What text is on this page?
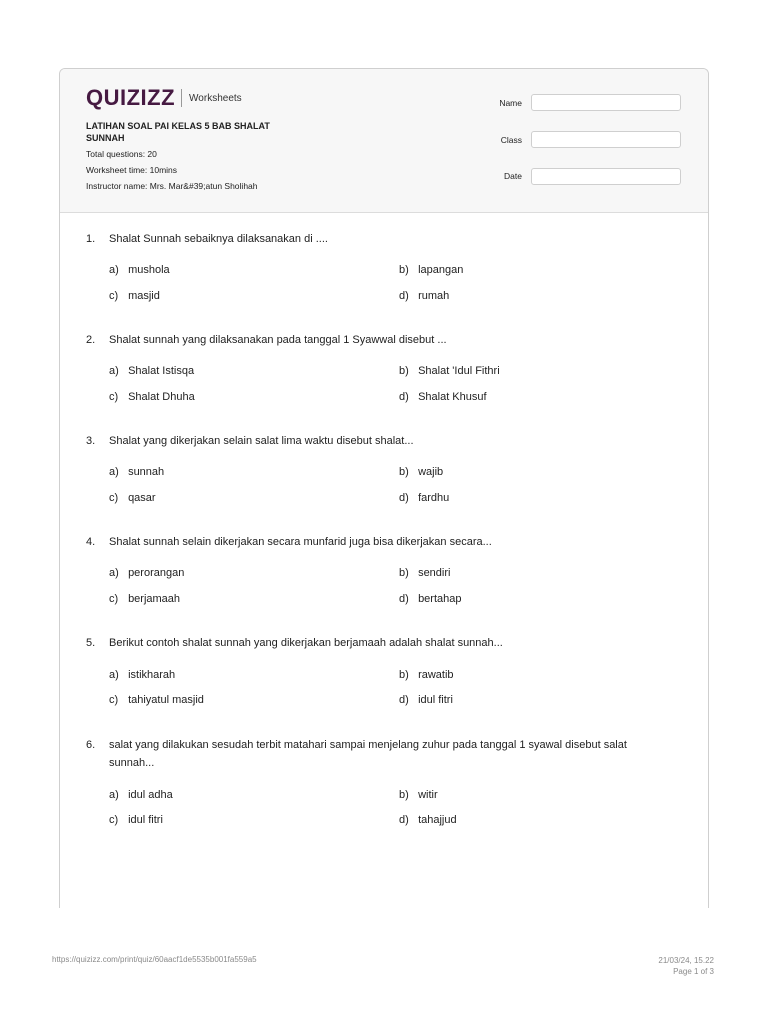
QUIZIZZ Worksheets
LATIHAN SOAL PAI KELAS 5 BAB SHALAT SUNNAH
Total questions: 20
Worksheet time: 10mins
Instructor name: Mrs. Mar&#39;atun Sholihah
Name
Class
Date
1. Shalat Sunnah sebaiknya dilaksanakan di ....
a) mushola	b) lapangan
c) masjid	d) rumah
2. Shalat sunnah yang dilaksanakan pada tanggal 1 Syawwal disebut ...
a) Shalat Istisqa	b) Shalat 'Idul Fithri
c) Shalat Dhuha	d) Shalat Khusuf
3. Shalat yang dikerjakan selain salat lima waktu disebut shalat...
a) sunnah	b) wajib
c) qasar	d) fardhu
4. Shalat sunnah selain dikerjakan secara munfarid juga bisa dikerjakan secara...
a) perorangan	b) sendiri
c) berjamaah	d) bertahap
5. Berikut contoh shalat sunnah yang dikerjakan berjamaah adalah shalat sunnah...
a) istikharah	b) rawatib
c) tahiyatul masjid	d) idul fitri
6. salat yang dilakukan sesudah terbit matahari sampai menjelang zuhur pada tanggal 1 syawal disebut salat sunnah...
a) idul adha	b) witir
c) idul fitri	d) tahajjud
https://quizizz.com/print/quiz/60aacf1de5535b001fa559a5	21/03/24, 15.22
Page 1 of 3
